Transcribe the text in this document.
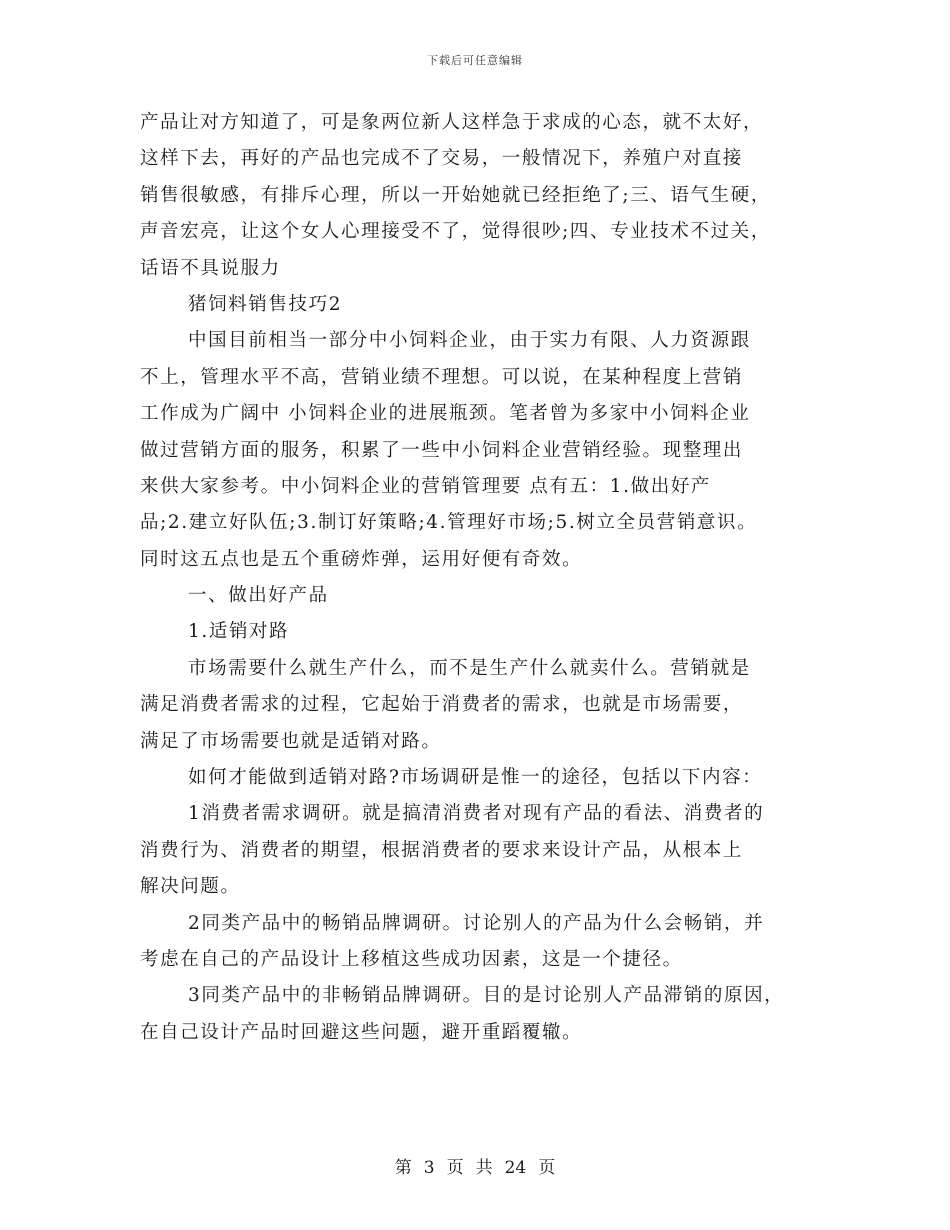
下载后可任意编辑
产品让对方知道了，可是象两位新人这样急于求成的心态，就不太好，
这样下去，再好的产品也完成不了交易，一般情况下，养殖户对直接
销售很敏感，有排斥心理，所以一开始她就已经拒绝了;三、语气生硬，
声音宏亮，让这个女人心理接受不了，觉得很吵;四、专业技术不过关，
话语不具说服力
猪饲料销售技巧2
中国目前相当一部分中小饲料企业，由于实力有限、人力资源跟
不上，管理水平不高，营销业绩不理想。可以说，在某种程度上营销
工作成为广阔中 小饲料企业的进展瓶颈。笔者曾为多家中小饲料企业
做过营销方面的服务，积累了一些中小饲料企业营销经验。现整理出
来供大家参考。中小饲料企业的营销管理要 点有五：1.做出好产
品;2.建立好队伍;3.制订好策略;4.管理好市场;5.树立全员营销意识。
同时这五点也是五个重磅炸弹，运用好便有奇效。
一、做出好产品
1.适销对路
市场需要什么就生产什么，而不是生产什么就卖什么。营销就是
满足消费者需求的过程，它起始于消费者的需求，也就是市场需要，
满足了市场需要也就是适销对路。
如何才能做到适销对路?市场调研是惟一的途径，包括以下内容：
1消费者需求调研。就是搞清消费者对现有产品的看法、消费者的
消费行为、消费者的期望，根据消费者的要求来设计产品，从根本上
解决问题。
2同类产品中的畅销品牌调研。讨论别人的产品为什么会畅销，并
考虑在自己的产品设计上移植这些成功因素，这是一个捷径。
3同类产品中的非畅销品牌调研。目的是讨论别人产品滞销的原因，
在自己设计产品时回避这些问题，避开重蹈覆辙。
第 3 页 共 24 页
